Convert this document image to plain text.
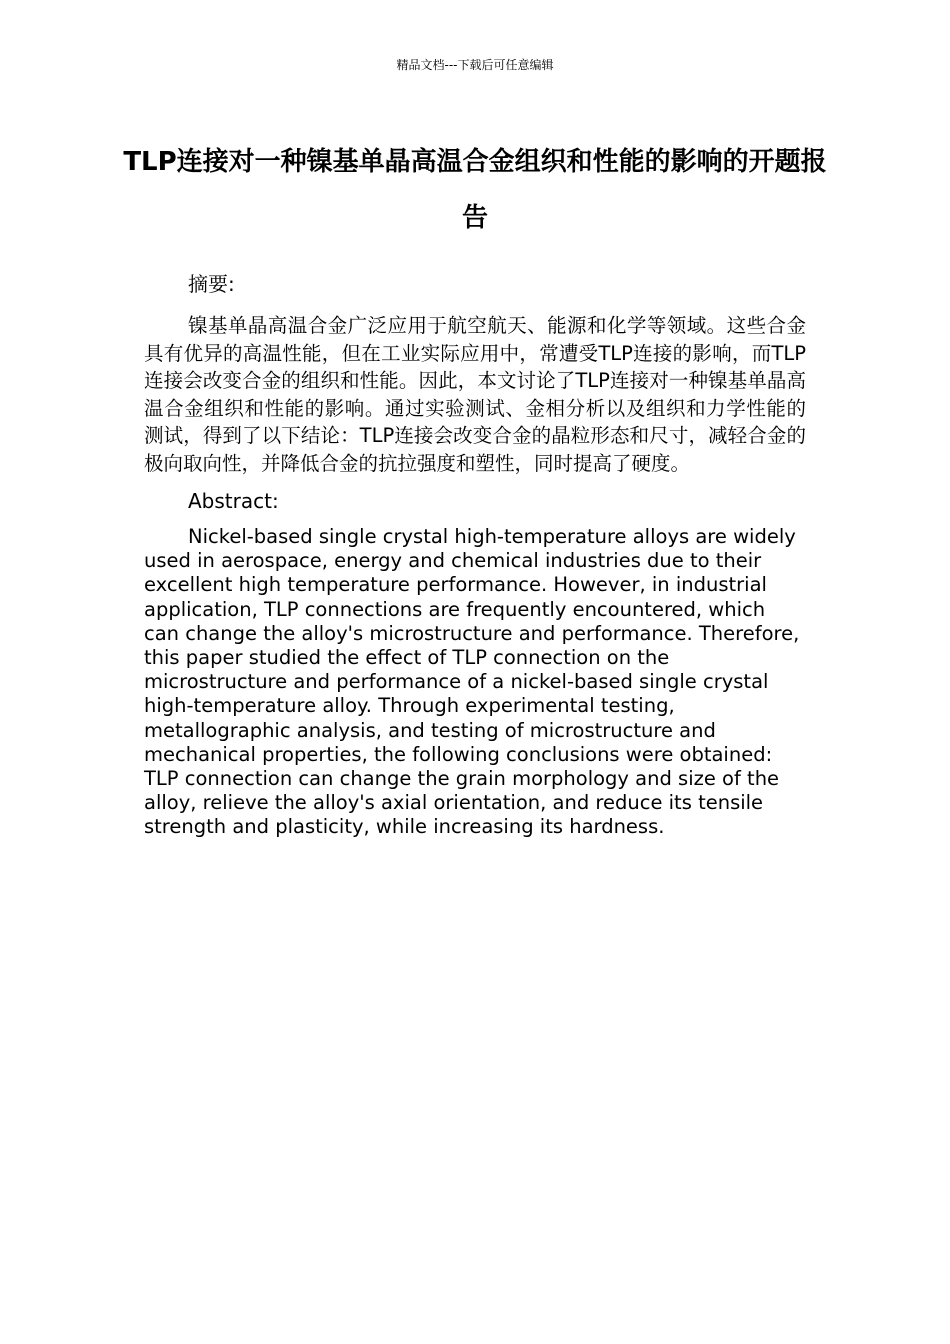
精品文档---下载后可任意编辑
TLP连接对一种镍基单晶高温合金组织和性能的影响的开题报告

摘要:

镍基单晶高温合金广泛应用于航空航天、能源和化学等领域。这些合金具有优异的高温性能，但在工业实际应用中，常遭受TLP连接的影响，而TLP连接会改变合金的组织和性能。因此，本文讨论了TLP连接对一种镍基单晶高温合金组织和性能的影响。通过实验测试、金相分析以及组织和力学性能的测试，得到了以下结论：TLP连接会改变合金的晶粒形态和尺寸，减轻合金的极向取向性，并降低合金的抗拉强度和塑性，同时提高了硬度。

Abstract:

Nickel-based single crystal high-temperature alloys are widely used in aerospace, energy and chemical industries due to their excellent high temperature performance. However, in industrial application, TLP connections are frequently encountered, which can change the alloy's microstructure and performance. Therefore, this paper studied the effect of TLP connection on the microstructure and performance of a nickel-based single crystal high-temperature alloy. Through experimental testing, metallographic analysis, and testing of microstructure and mechanical properties, the following conclusions were obtained: TLP connection can change the grain morphology and size of the alloy, relieve the alloy's axial orientation, and reduce its tensile strength and plasticity, while increasing its hardness.
